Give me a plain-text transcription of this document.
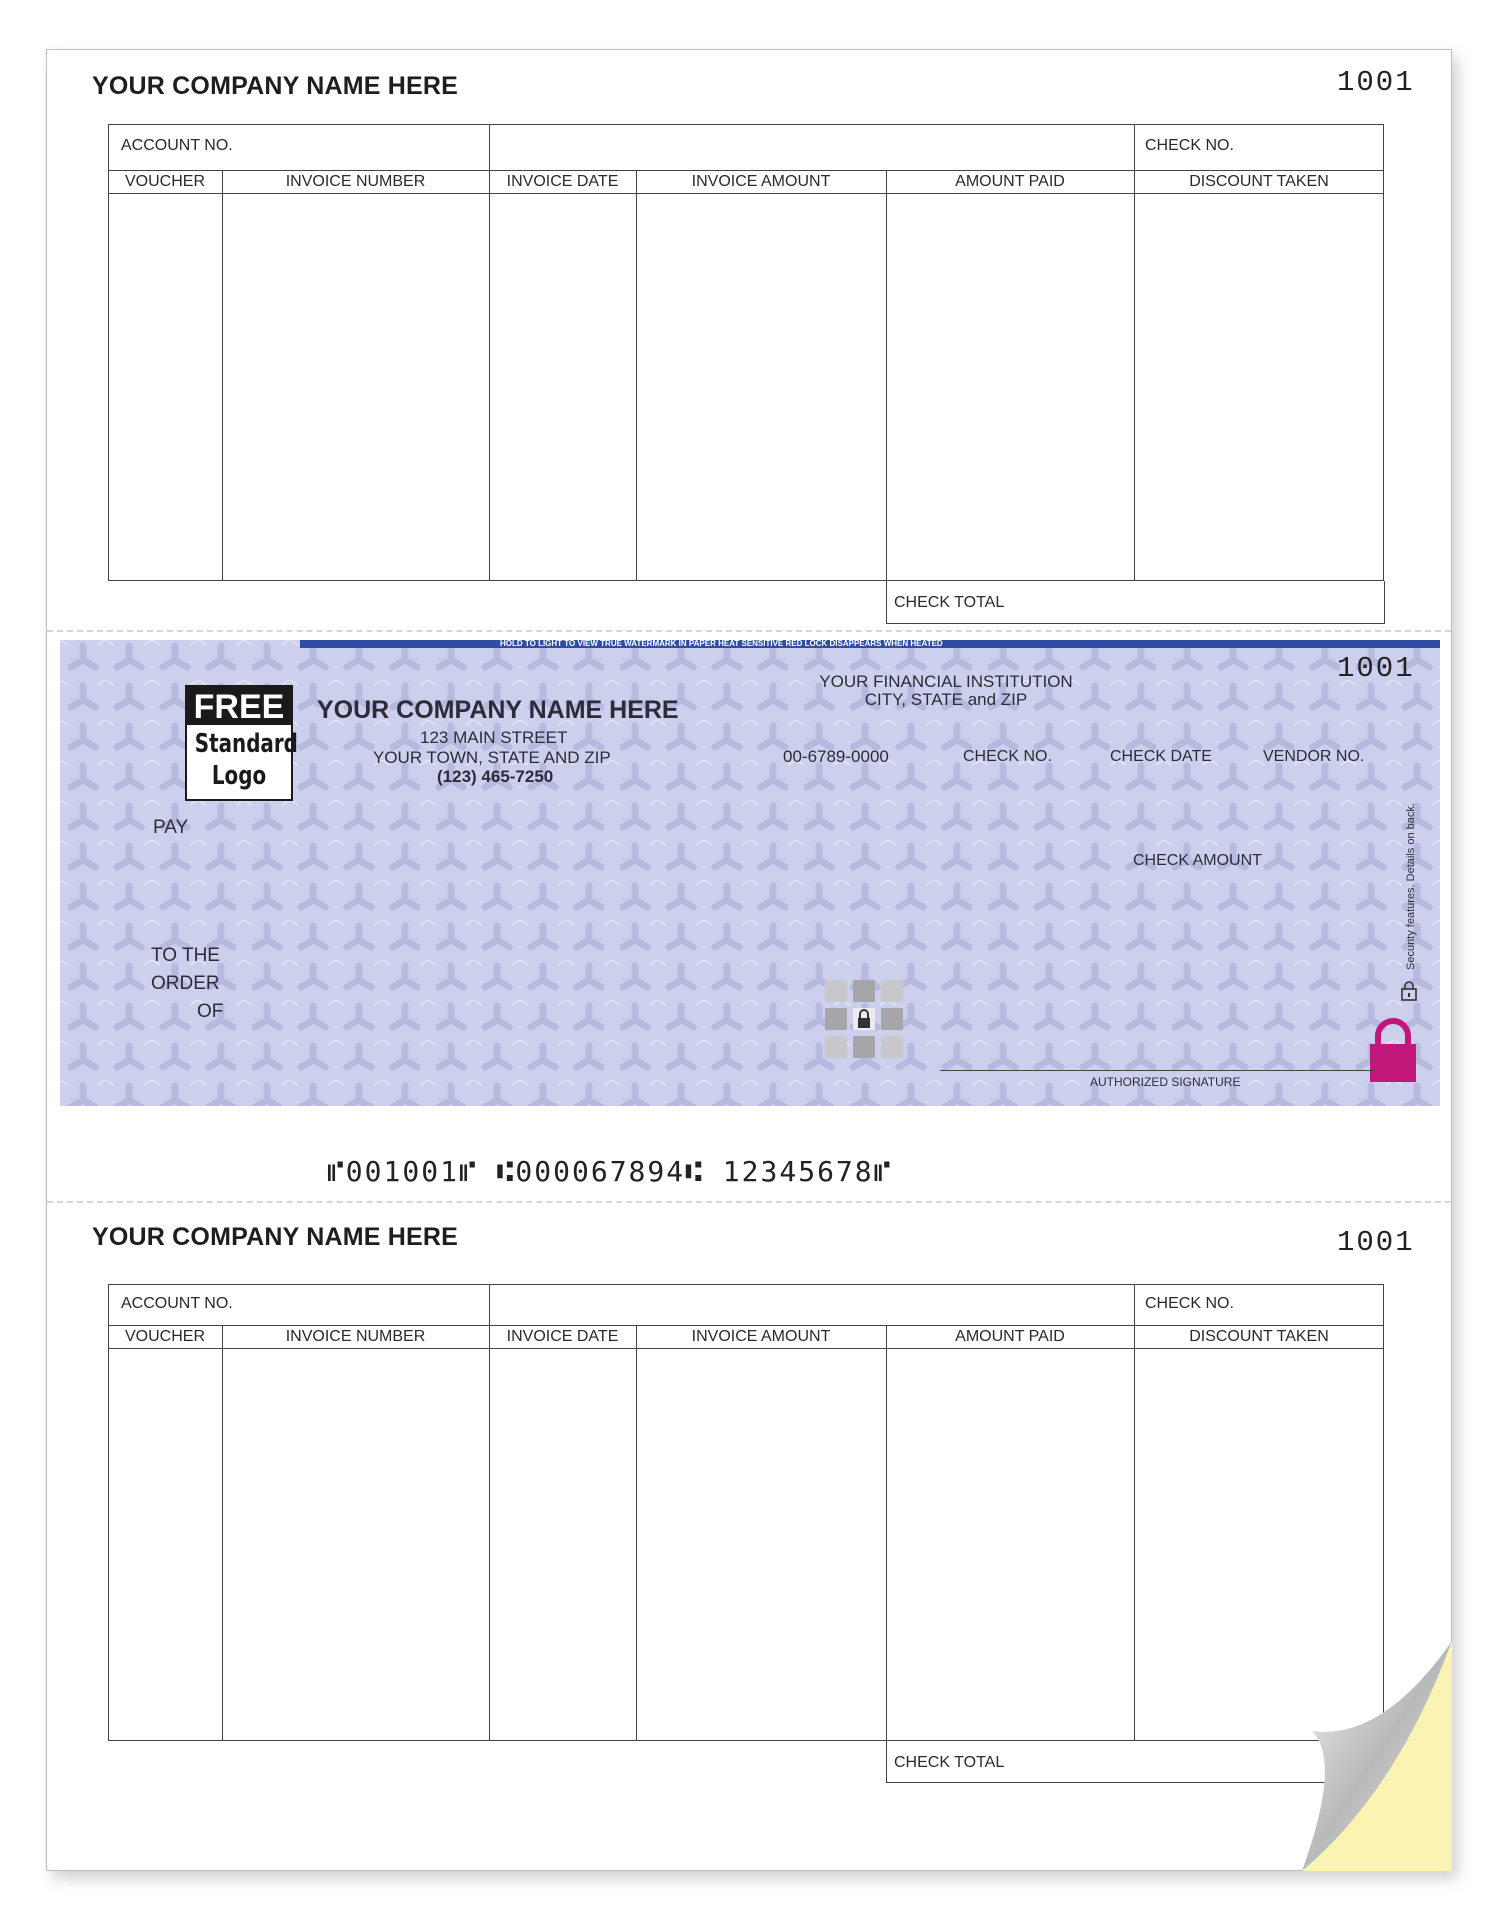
YOUR COMPANY NAME HERE	1001
ACCOUNT NO.	CHECK NO.
VOUCHER	INVOICE NUMBER	INVOICE DATE	INVOICE AMOUNT	AMOUNT PAID	DISCOUNT TAKEN
CHECK TOTAL
HOLD TO LIGHT TO VIEW TRUE WATERMARK IN PAPER HEAT SENSITIVE RED LOCK DISAPPEARS WHEN HEATED
1001
FREE
Standard
Logo
YOUR COMPANY NAME HERE
123 MAIN STREET
YOUR TOWN, STATE AND ZIP
(123) 465-7250
YOUR FINANCIAL INSTITUTION
CITY, STATE and ZIP
00-6789-0000	CHECK NO.	CHECK DATE	VENDOR NO.
PAY
CHECK AMOUNT
TO THE
ORDER
OF
Security features. Details on back.
AUTHORIZED SIGNATURE
⑈001001⑈ ⑆000067894⑆ 12345678⑈
YOUR COMPANY NAME HERE	1001
ACCOUNT NO.	CHECK NO.
VOUCHER	INVOICE NUMBER	INVOICE DATE	INVOICE AMOUNT	AMOUNT PAID	DISCOUNT TAKEN
CHECK TOTAL
